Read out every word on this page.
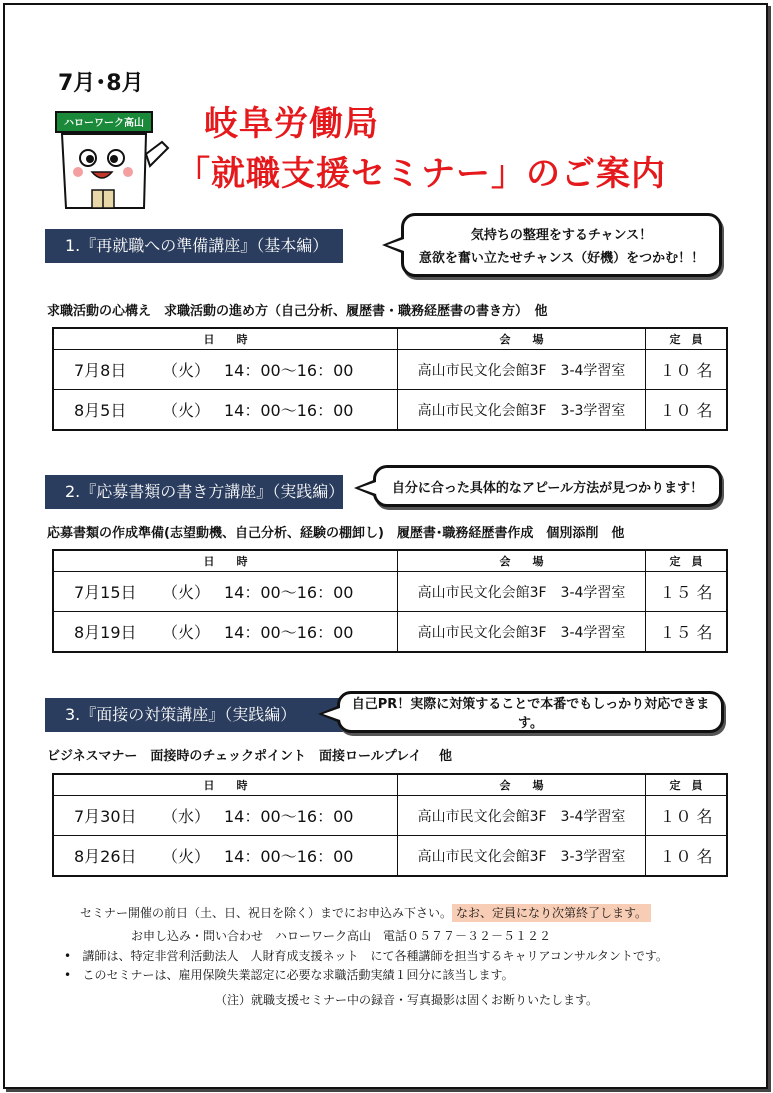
7月･8月
ハローワーク高山 岐阜労働局
「就職支援セミナー」のご案内
1.『再就職への準備講座』（基本編）
気持ちの整理をするチャンス！
意欲を奮い立たせチャンス（好機）をつかむ！！
求職活動の心構え　求職活動の進め方（自己分析、履歴書・職務経歴書の書き方）　他
日　　時	会　　場	定　員
7月8日 （火） 14：00～16：00	高山市民文化会館3F　3-4学習室	１０ 名
8月5日 （火） 14：00～16：00	高山市民文化会館3F　3-3学習室	１０ 名
2.『応募書類の書き方講座』（実践編）	自分に合った具体的なアピール方法が見つかります！
応募書類の作成準備(志望動機、自己分析、経験の棚卸し)　履歴書･職務経歴書作成　個別添削　他
日　　時	会　　場	定　員
7月15日 （火） 14：00～16：00	高山市民文化会館3F　3-4学習室	１５ 名
8月19日 （火） 14：00～16：00	高山市民文化会館3F　3-4学習室	１５ 名
3.『面接の対策講座』（実践編）
自己PR！実際に対策することで本番でもしっかり対応できます。
ビジネスマナー　面接時のチェックポイント　面接ロールプレイ　 他
日　　時	会　　場	定　員
7月30日 （水） 14：00～16：00	高山市民文化会館3F　3-4学習室	１０ 名
8月26日 （火） 14：00～16：00	高山市民文化会館3F　3-3学習室	１０ 名
セミナー開催の前日（土、日、祝日を除く）までにお申込み下さい。 なお、定員になり次第終了します。
お申し込み・問い合わせ　ハローワーク高山　電話０５７７－３２－５１２２
• 講師は、特定非営利活動法人　人財育成支援ネット　にて各種講師を担当するキャリアコンサルタントです。
• このセミナーは、雇用保険失業認定に必要な求職活動実績１回分に該当します。
（注）就職支援セミナー中の録音・写真撮影は固くお断りいたします。
